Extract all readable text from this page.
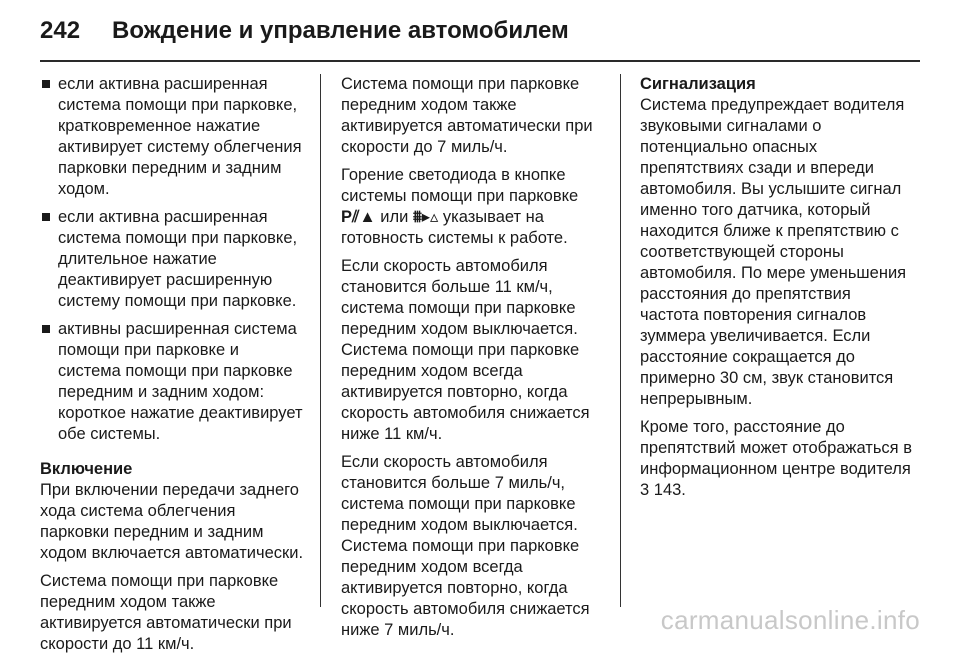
242 Вождение и управление автомобилем
если активна расширенная система помощи при парковке, кратковременное нажатие активирует систему облегчения парковки передним и задним ходом.
если активна расширенная система помощи при парковке, длительное нажатие деактивирует расширенную систему помощи при парковке.
активны расширенная система помощи при парковке и система помощи при парковке передним и задним ходом: короткое нажатие деактивирует обе системы.

Включение
При включении передачи заднего хода система облегчения парковки передним и задним ходом включается автоматически.

Система помощи при парковке передним ходом также активируется автоматически при скорости до 11 км/ч.

Система помощи при парковке передним ходом также активируется автоматически при скорости до 7 миль/ч.

Горение светодиода в кнопке системы помощи при парковке P⫽▲ или ⩩▸▵ указывает на готовность системы к работе.

Если скорость автомобиля становится больше 11 км/ч, система помощи при парковке передним ходом выключается. Система помощи при парковке передним ходом всегда активируется повторно, когда скорость автомобиля снижается ниже 11 км/ч.

Если скорость автомобиля становится больше 7 миль/ч, система помощи при парковке передним ходом выключается. Система помощи при парковке передним ходом всегда активируется повторно, когда скорость автомобиля снижается ниже 7 миль/ч.

Сигнализация
Система предупреждает водителя звуковыми сигналами о потенциально опасных препятствиях сзади и впереди автомобиля. Вы услышите сигнал именно того датчика, который находится ближе к препятствию с соответствующей стороны автомобиля. По мере уменьшения расстояния до препятствия частота повторения сигналов зуммера увеличивается. Если расстояние сокращается до примерно 30 см, звук становится непрерывным.

Кроме того, расстояние до препятствий может отображаться в информационном центре водителя
3 143.

carmanualsonline.info
